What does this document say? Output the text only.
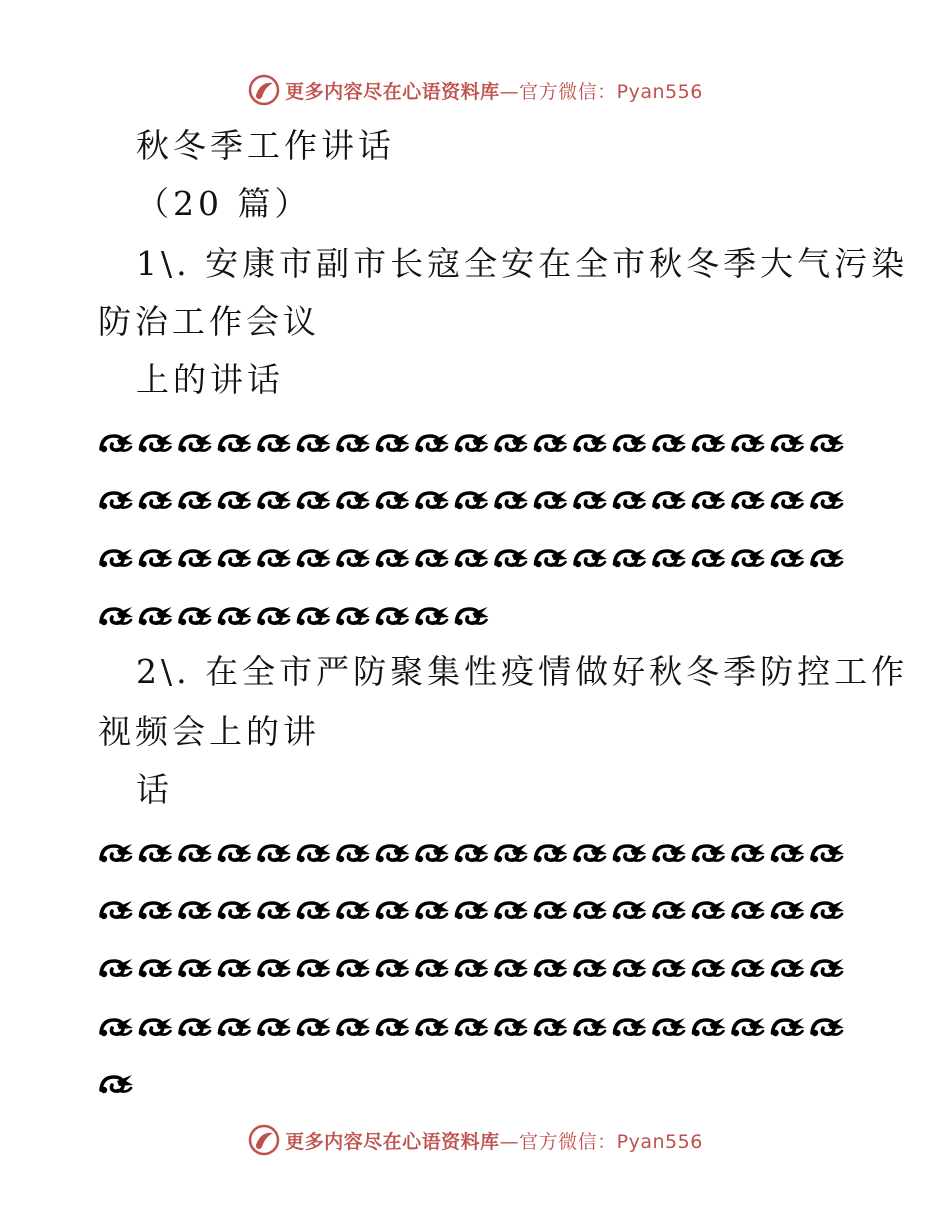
更多内容尽在心语资料库 —官方微信：Pyan556
秋冬季工作讲话
（20 篇）
1\. 安康市副市长寇全安在全市秋冬季大气污染
防治工作会议
上的讲话
2\. 在全市严防聚集性疫情做好秋冬季防控工作
视频会上的讲
话
更多内容尽在心语资料库 —官方微信：Pyan556
